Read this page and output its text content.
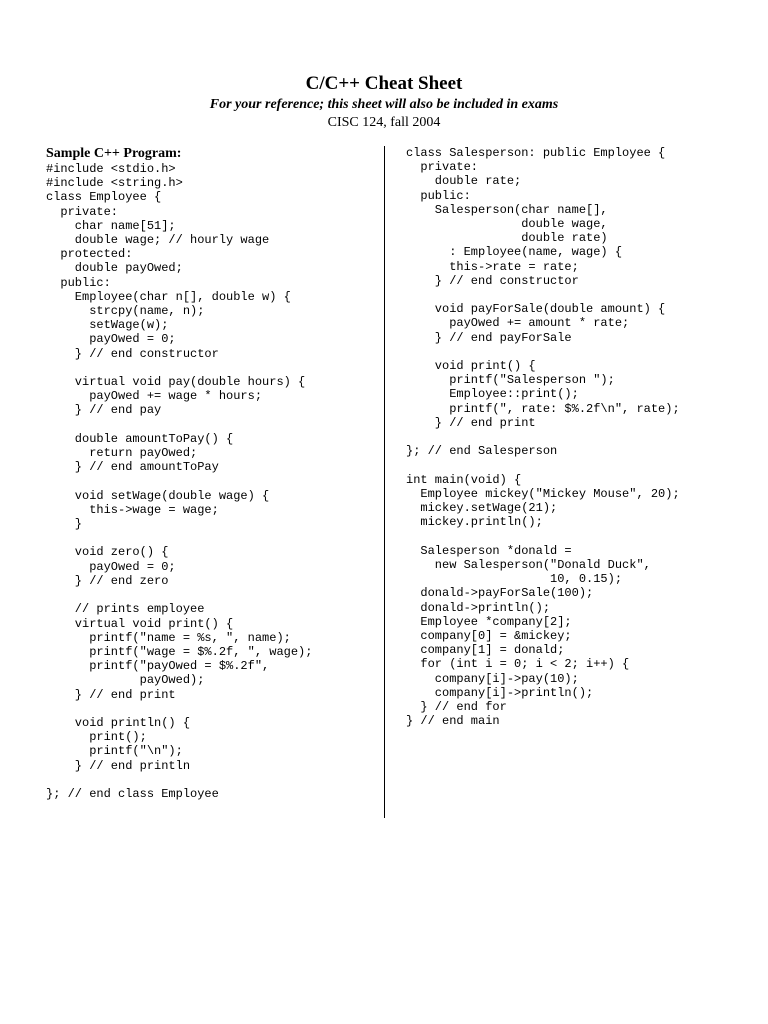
C/C++ Cheat Sheet
For your reference; this sheet will also be included in exams
CISC 124, fall 2004
Sample C++ Program:
#include <stdio.h>
#include <string.h>
class Employee {
private:
char name[51];
double wage; // hourly wage
protected:
double payOwed;
public:
Employee(char n[], double w) {
strcpy(name, n);
setWage(w);
payOwed = 0;
} // end constructor

virtual void pay(double hours) {
payOwed += wage * hours;
} // end pay

double amountToPay() {
return payOwed;
} // end amountToPay

void setWage(double wage) {
this->wage = wage;
}

void zero() {
payOwed = 0;
} // end zero

// prints employee
virtual void print() {
printf("name = %s, ", name);
printf("wage = $%.2f, ", wage);
printf("payOwed = $%.2f",
payOwed);
} // end print

void println() {
print();
printf("\n");
} // end println

}; // end class Employee
class Salesperson: public Employee {
private:
double rate;
public:
Salesperson(char name[],
double wage,
double rate)
: Employee(name, wage) {
this->rate = rate;
} // end constructor

void payForSale(double amount) {
payOwed += amount * rate;
} // end payForSale

void print() {
printf("Salesperson ");
Employee::print();
printf(", rate: $%.2f\n", rate);
} // end print

}; // end Salesperson

int main(void) {
Employee mickey("Mickey Mouse", 20);
mickey.setWage(21);
mickey.println();

Salesperson *donald =
new Salesperson("Donald Duck",
10, 0.15);
donald->payForSale(100);
donald->println();
Employee *company[2];
company[0] = &mickey;
company[1] = donald;
for (int i = 0; i < 2; i++) {
company[i]->pay(10);
company[i]->println();
} // end for
} // end main
